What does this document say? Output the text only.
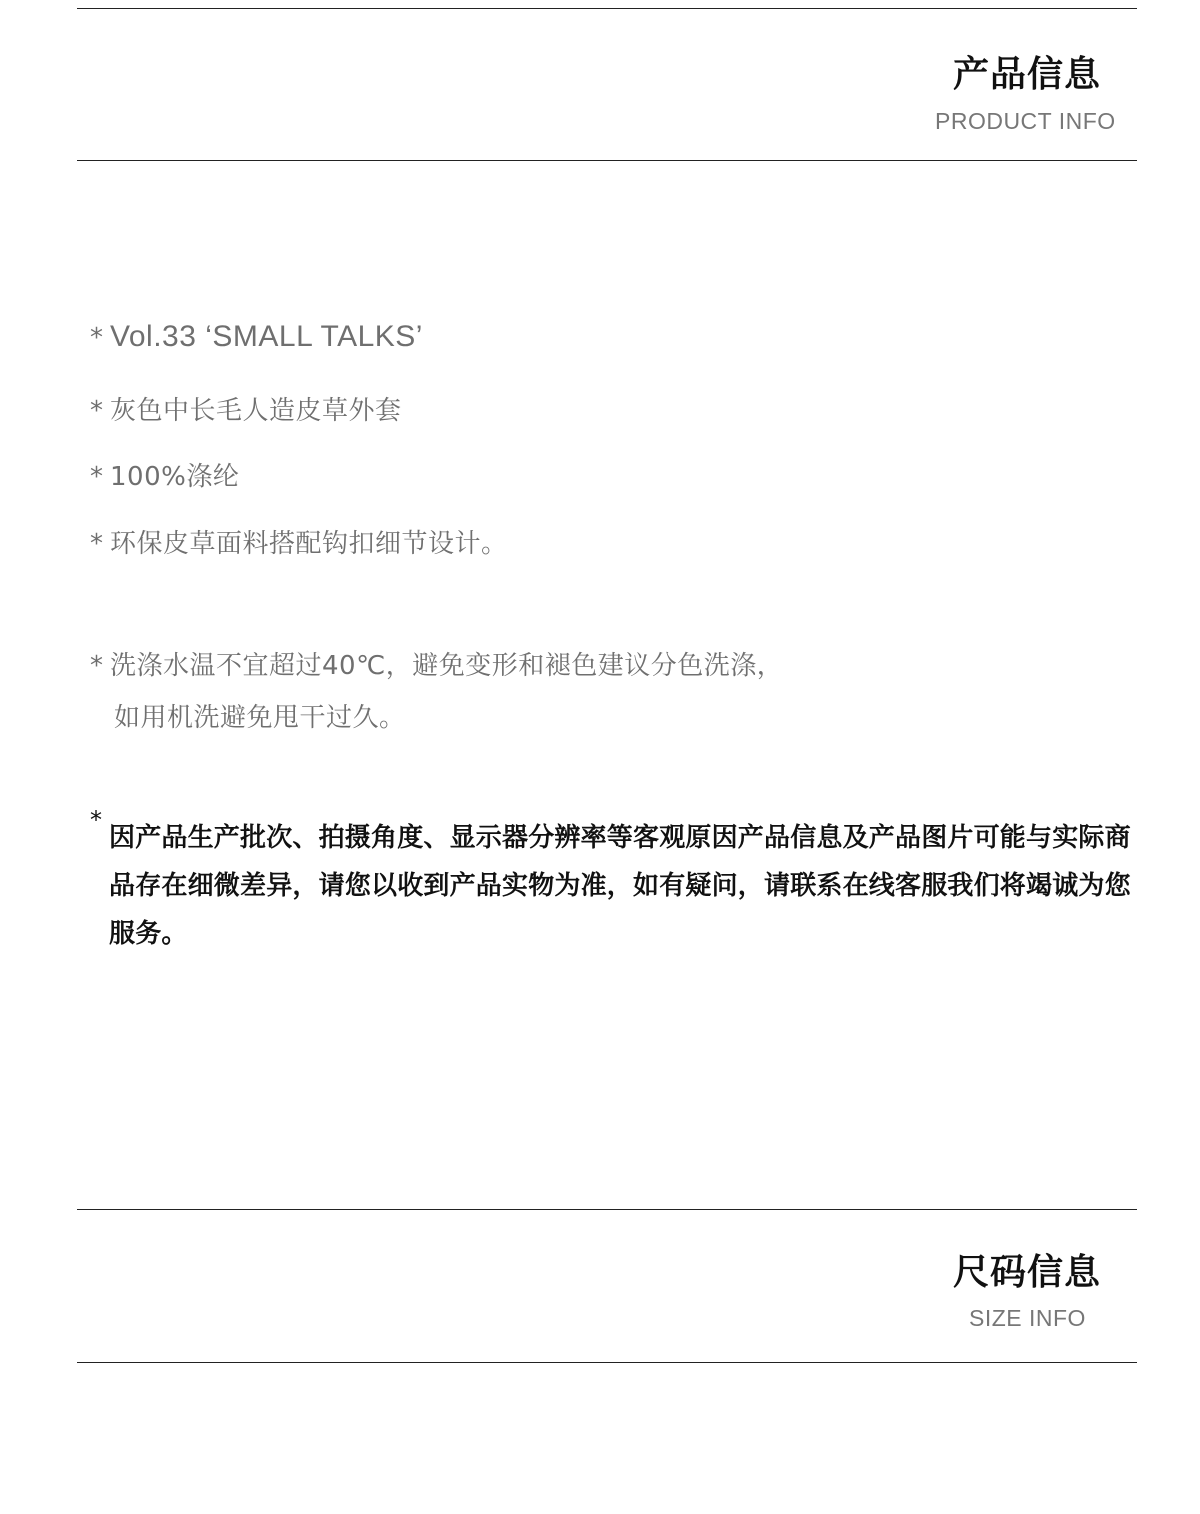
产品信息
PRODUCT INFO
* Vol.33 ‘SMALL TALKS’
* 灰色中长毛人造皮草外套
* 100%涤纶
* 环保皮草面料搭配钩扣细节设计。
* 洗涤水温不宜超过40℃，避免变形和褪色建议分色洗涤，
如用机洗避免甩干过久。
*
因产品生产批次、拍摄角度、显示器分辨率等客观原因产品信息及产品图片可能与实际商品存在细微差异，请您以收到产品实物为准，如有疑问，请联系在线客服我们将竭诚为您服务。
尺码信息
SIZE INFO
